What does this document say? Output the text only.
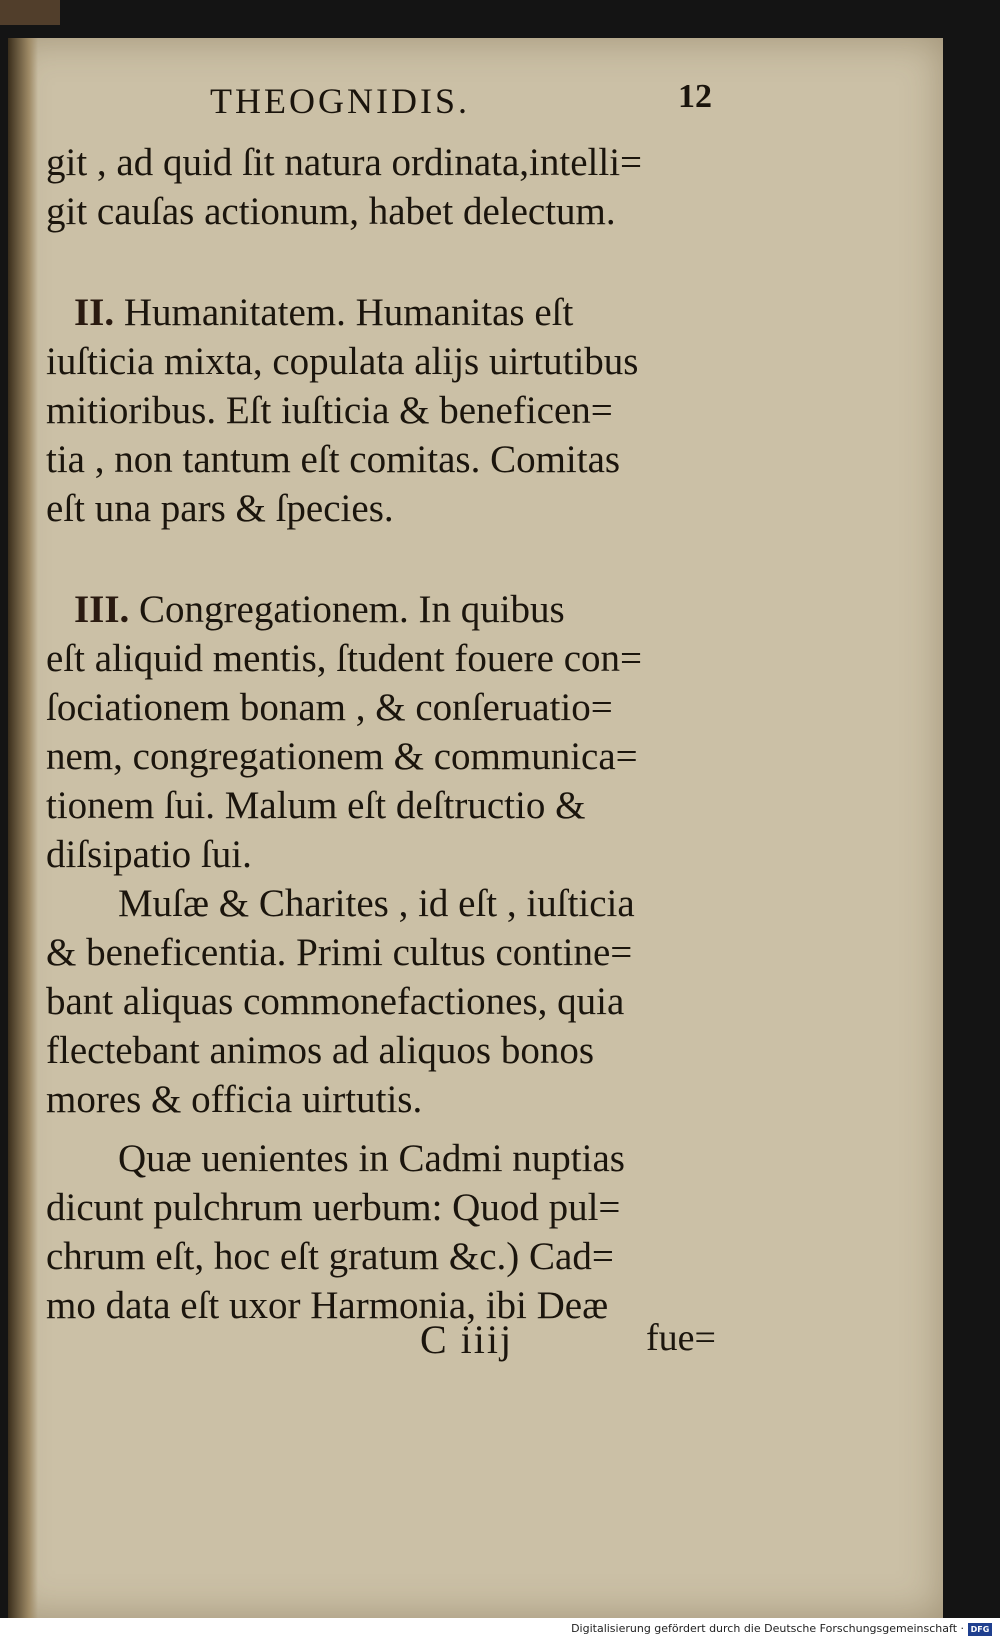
THEOGNIDIS.	12

git , ad quid ſit natura ordinata,intelli=

git cauſas actionum, habet delectum.

II. Humanitatem. Humanitas eſt

iuſticia mixta, copulata alijs uirtutibus

mitioribus. Eſt iuſticia & beneficen=

tia , non tantum eſt comitas. Comitas

eſt una pars & ſpecies.

III. Congregationem. In quibus

eſt aliquid mentis, ſtudent fouere con=

ſociationem bonam , & conſeruatio=

nem, congregationem & communica=

tionem ſui. Malum eſt deſtructio &

diſsipatio ſui.

Muſæ & Charites , id eſt , iuſticia

& beneficentia. Primi cultus contine=

bant aliquas commonefactiones, quia

flectebant animos ad aliquos bonos

mores & officia uirtutis.

Quæ uenientes in Cadmi nuptias

dicunt pulchrum uerbum: Quod pul=

chrum eſt, hoc eſt gratum &c.) Cad=

mo data eſt uxor Harmonia, ibi Deæ

C iiij	fue=
Digitalisierung gefördert durch die Deutsche Forschungsgemeinschaft · DFG
